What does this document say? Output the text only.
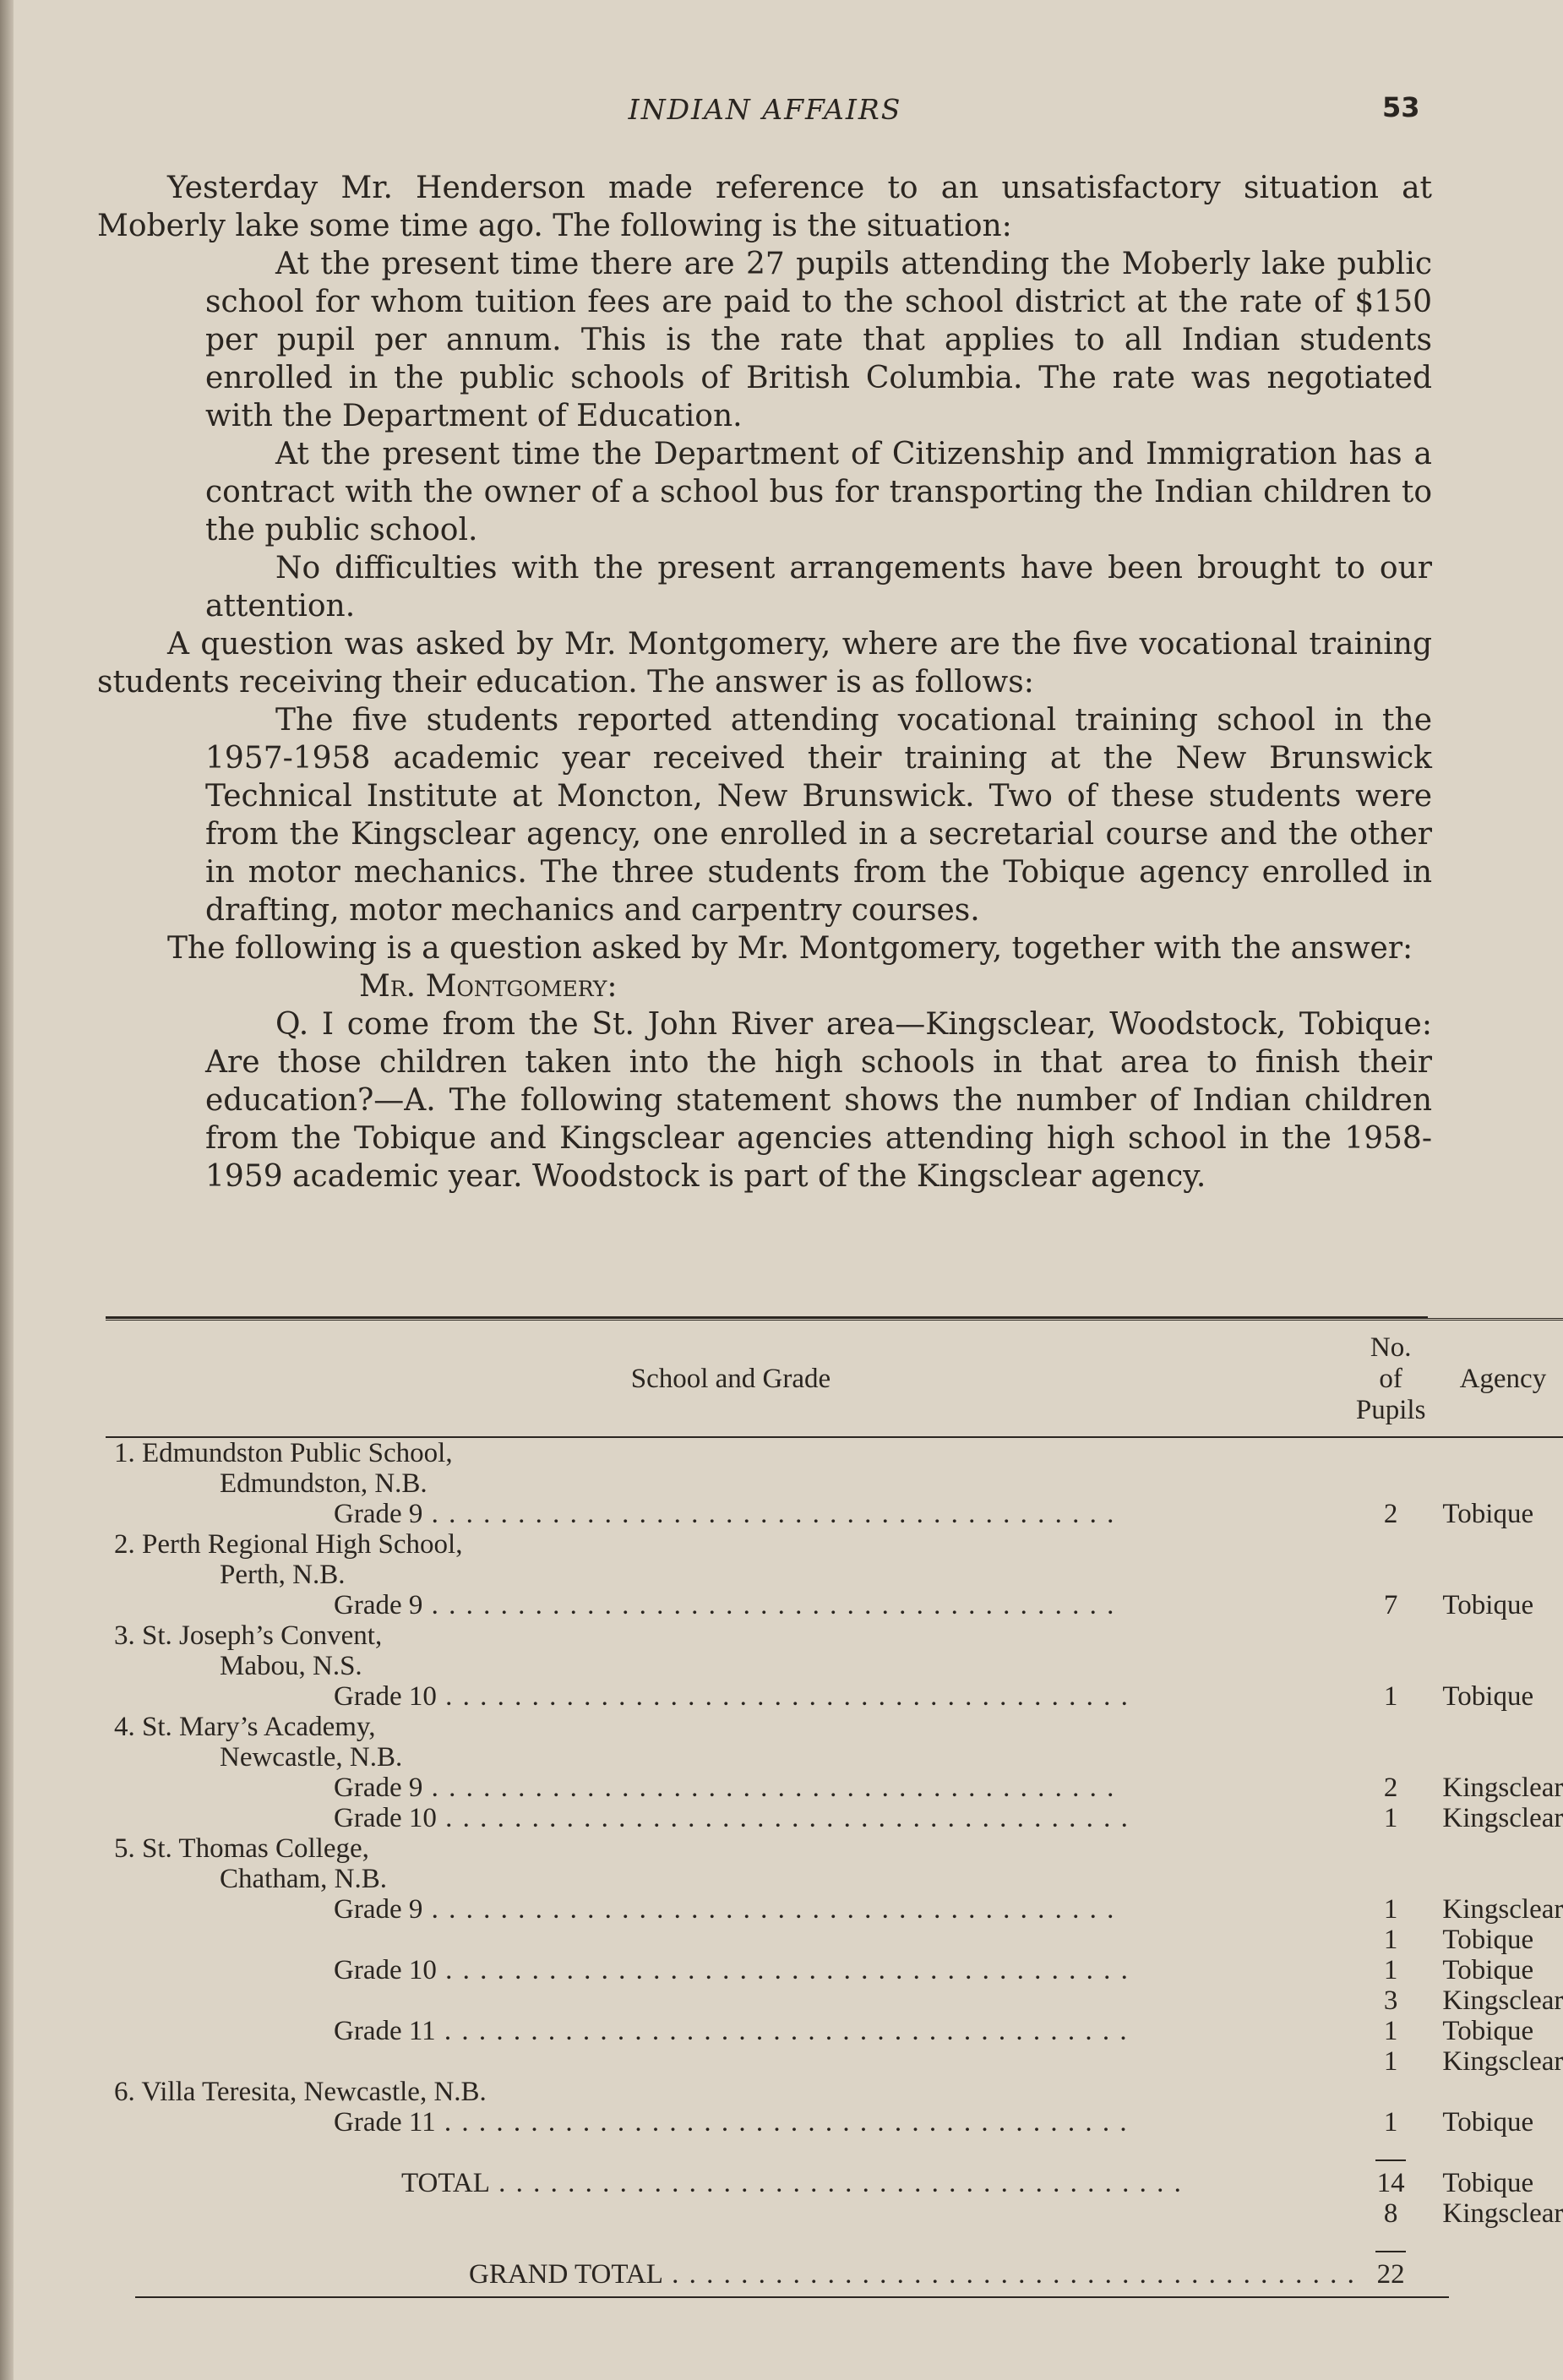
INDIAN AFFAIRS	53

Yesterday Mr. Henderson made reference to an unsatisfactory situation at Moberly lake some time ago. The following is the situation:

At the present time there are 27 pupils attending the Moberly lake public school for whom tuition fees are paid to the school district at the rate of $150 per pupil per annum. This is the rate that applies to all Indian students enrolled in the public schools of British Columbia. The rate was negotiated with the Department of Education.

At the present time the Department of Citizenship and Immigration has a contract with the owner of a school bus for transporting the Indian children to the public school.

No difficulties with the present arrangements have been brought to our attention.

A question was asked by Mr. Montgomery, where are the five vocational training students receiving their education. The answer is as follows:

The five students reported attending vocational training school in the 1957-1958 academic year received their training at the New Brunswick Technical Institute at Moncton, New Brunswick. Two of these students were from the Kingsclear agency, one enrolled in a secretarial course and the other in motor mechanics. The three students from the Tobique agency enrolled in drafting, motor mechanics and carpentry courses.

The following is a question asked by Mr. Montgomery, together with the answer:

Mr. Montgomery:

Q. I come from the St. John River area—Kingsclear, Woodstock, Tobique: Are those children taken into the high schools in that area to finish their education?—A. The following statement shows the number of Indian children from the Tobique and Kingsclear agencies attending high school in the 1958-1959 academic year. Woodstock is part of the Kingsclear agency.

School and Grade	No. of Pupils	Agency
1. Edmundston Public School,		
Edmundston, N.B.		

Grade 9 . . .	2	Tobique
2. Perth Regional High School,		
Perth, N.B.		

Grade 9 . . .	7	Tobique
3. St. Joseph’s Convent,		
Mabou, N.S.		

Grade 10 . . .	1	Tobique
4. St. Mary’s Academy,		
Newcastle, N.B.		

Grade 9 . . .	2	Kingsclear

Grade 10 . . .	1	Kingsclear
5. St. Thomas College,		
Chatham, N.B.		

Grade 9 . . .	1	Kingsclear
	1	Tobique

Grade 10 . . .	1	Tobique
	3	Kingsclear

Grade 11 . . .	1	Tobique
	1	Kingsclear
6. Villa Teresita, Newcastle, N.B.		

Grade 11 . . .	1	Tobique

TOTAL . . .	14	Tobique
	8	Kingsclear

GRAND TOTAL . . .	22	
